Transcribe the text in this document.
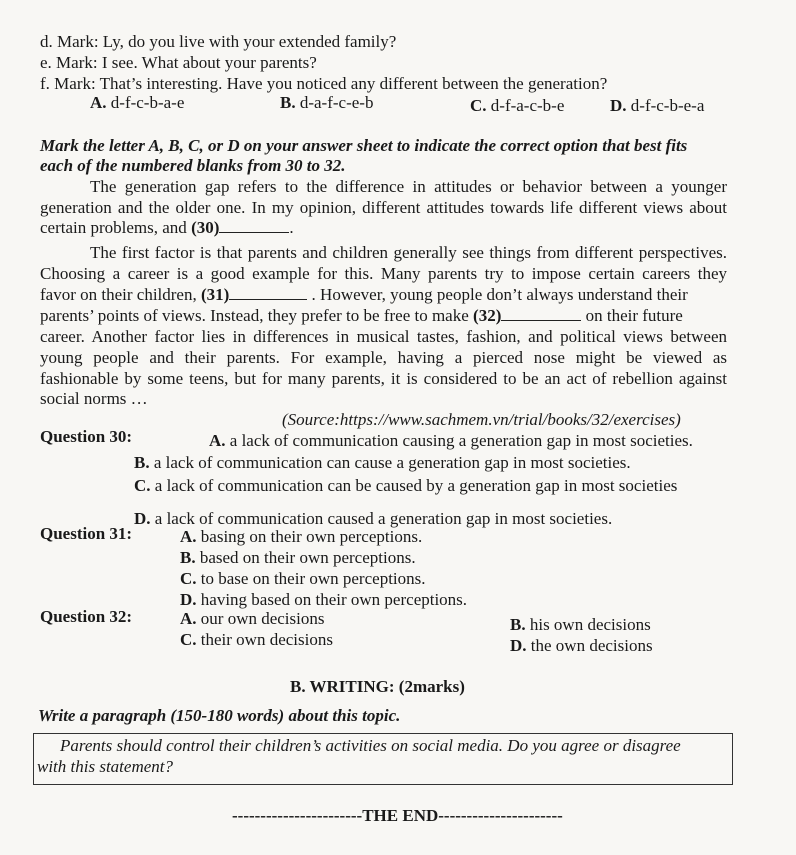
d. Mark: Ly, do you live with your extended family?
e. Mark: I see. What about your parents?
f. Mark: That’s interesting. Have you noticed any different between the generation?
A. d-f-c-b-a-e	B. d-a-f-c-e-b	C. d-f-a-c-b-e	D. d-f-c-b-e-a
Mark the letter A, B, C, or D on your answer sheet to indicate the correct option that best fits
each of the numbered blanks from 30 to 32.
The generation gap refers to the difference in attitudes or behavior between a younger
generation and the older one. In my opinion, different attitudes towards life different views about
certain problems, and (30)	.
The first factor is that parents and children generally see things from different perspectives.
Choosing a career is a good example for this. Many parents try to impose certain careers they
favor on their children, (31)	. However, young people don’t always understand their
parents’ points of views. Instead, they prefer to be free to make (32)	on their future
career. Another factor lies in differences in musical tastes, fashion, and political views between
young people and their parents. For example, having a pierced nose might be viewed as
fashionable by some teens, but for many parents, it is considered to be an act of rebellion against
social norms …
(Source:https://www.sachmem.vn/trial/books/32/exercises)
Question 30:	A. a lack of communication causing a generation gap in most societies.
B. a lack of communication can cause a generation gap in most societies.
C. a lack of communication can be caused by a generation gap in most societies
D. a lack of communication caused a generation gap in most societies.
Question 31:	A. basing on their own perceptions.
B. based on their own perceptions.
C. to base on their own perceptions.
D. having based on their own perceptions.
Question 32:	A. our own decisions	B. his own decisions
C. their own decisions	D. the own decisions
B. WRITING: (2marks)
Write a paragraph (150-180 words) about this topic.
Parents should control their children’s activities on social media. Do you agree or disagree
with this statement?
-----------------------THE END----------------------
